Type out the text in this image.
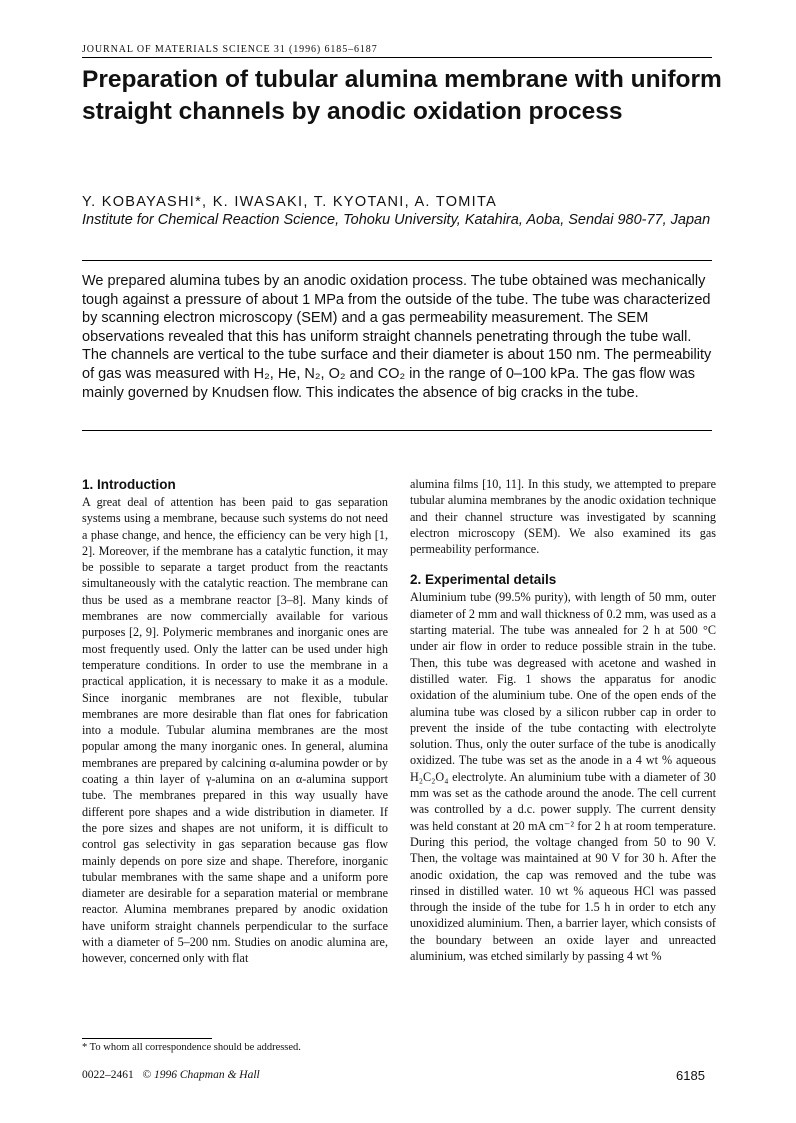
JOURNAL OF MATERIALS SCIENCE 31 (1996) 6185–6187
Preparation of tubular alumina membrane with uniform straight channels by anodic oxidation process
Y. KOBAYASHI*, K. IWASAKI, T. KYOTANI, A. TOMITA
Institute for Chemical Reaction Science, Tohoku University, Katahira, Aoba, Sendai 980-77, Japan

We prepared alumina tubes by an anodic oxidation process. The tube obtained was mechanically tough against a pressure of about 1 MPa from the outside of the tube. The tube was characterized by scanning electron microscopy (SEM) and a gas permeability measurement. The SEM observations revealed that this has uniform straight channels penetrating through the tube wall. The channels are vertical to the tube surface and their diameter is about 150 nm. The permeability of gas was measured with H₂, He, N₂, O₂ and CO₂ in the range of 0–100 kPa. The gas flow was mainly governed by Knudsen flow. This indicates the absence of big cracks in the tube.

1. Introduction

A great deal of attention has been paid to gas separation systems using a membrane, because such systems do not need a phase change, and hence, the efficiency can be very high [1, 2]. Moreover, if the membrane has a catalytic function, it may be possible to separate a target product from the reactants simultaneously with the catalytic reaction. The membrane can thus be used as a membrane reactor [3–8]. Many kinds of membranes are now commercially available for various purposes [2, 9]. Polymeric membranes and inorganic ones are most frequently used. Only the latter can be used under high temperature conditions. In order to use the membrane in a practical application, it is necessary to make it as a module. Since inorganic membranes are not flexible, tubular membranes are more desirable than flat ones for fabrication into a module. Tubular alumina membranes are the most popular among the many inorganic ones. In general, alumina membranes are prepared by calcining α-alumina powder or by coating a thin layer of γ-alumina on an α-alumina support tube. The membranes prepared in this way usually have different pore shapes and a wide distribution in diameter. If the pore sizes and shapes are not uniform, it is difficult to control gas selectivity in gas separation because gas flow mainly depends on pore size and shape. Therefore, inorganic tubular membranes with the same shape and a uniform pore diameter are desirable for a separation material or membrane reactor. Alumina membranes prepared by anodic oxidation have uniform straight channels perpendicular to the surface with a diameter of 5–200 nm. Studies on anodic alumina are, however, concerned only with flat

alumina films [10, 11]. In this study, we attempted to prepare tubular alumina membranes by the anodic oxidation technique and their channel structure was investigated by scanning electron microscopy (SEM). We also examined its gas permeability performance.

2. Experimental details

Aluminium tube (99.5% purity), with length of 50 mm, outer diameter of 2 mm and wall thickness of 0.2 mm, was used as a starting material. The tube was annealed for 2 h at 500 °C under air flow in order to reduce possible strain in the tube. Then, this tube was degreased with acetone and washed in distilled water. Fig. 1 shows the apparatus for anodic oxidation of the aluminium tube. One of the open ends of the alumina tube was closed by a silicon rubber cap in order to prevent the inside of the tube contacting with electrolyte solution. Thus, only the outer surface of the tube is anodically oxidized. The tube was set as the anode in a 4 wt % aqueous H₂C₂O₄ electrolyte. An aluminium tube with a diameter of 30 mm was set as the cathode around the anode. The cell current was controlled by a d.c. power supply. The current density was held constant at 20 mA cm⁻² for 2 h at room temperature. During this period, the voltage changed from 50 to 90 V. Then, the voltage was maintained at 90 V for 30 h. After the anodic oxidation, the cap was removed and the tube was rinsed in distilled water. 10 wt % aqueous HCl was passed through the inside of the tube for 1.5 h in order to etch any unoxidized aluminium. Then, a barrier layer, which consists of the boundary between an oxide layer and unreacted aluminium, was etched similarly by passing 4 wt %

* To whom all correspondence should be addressed.
0022–2461 © 1996 Chapman & Hall	6185
